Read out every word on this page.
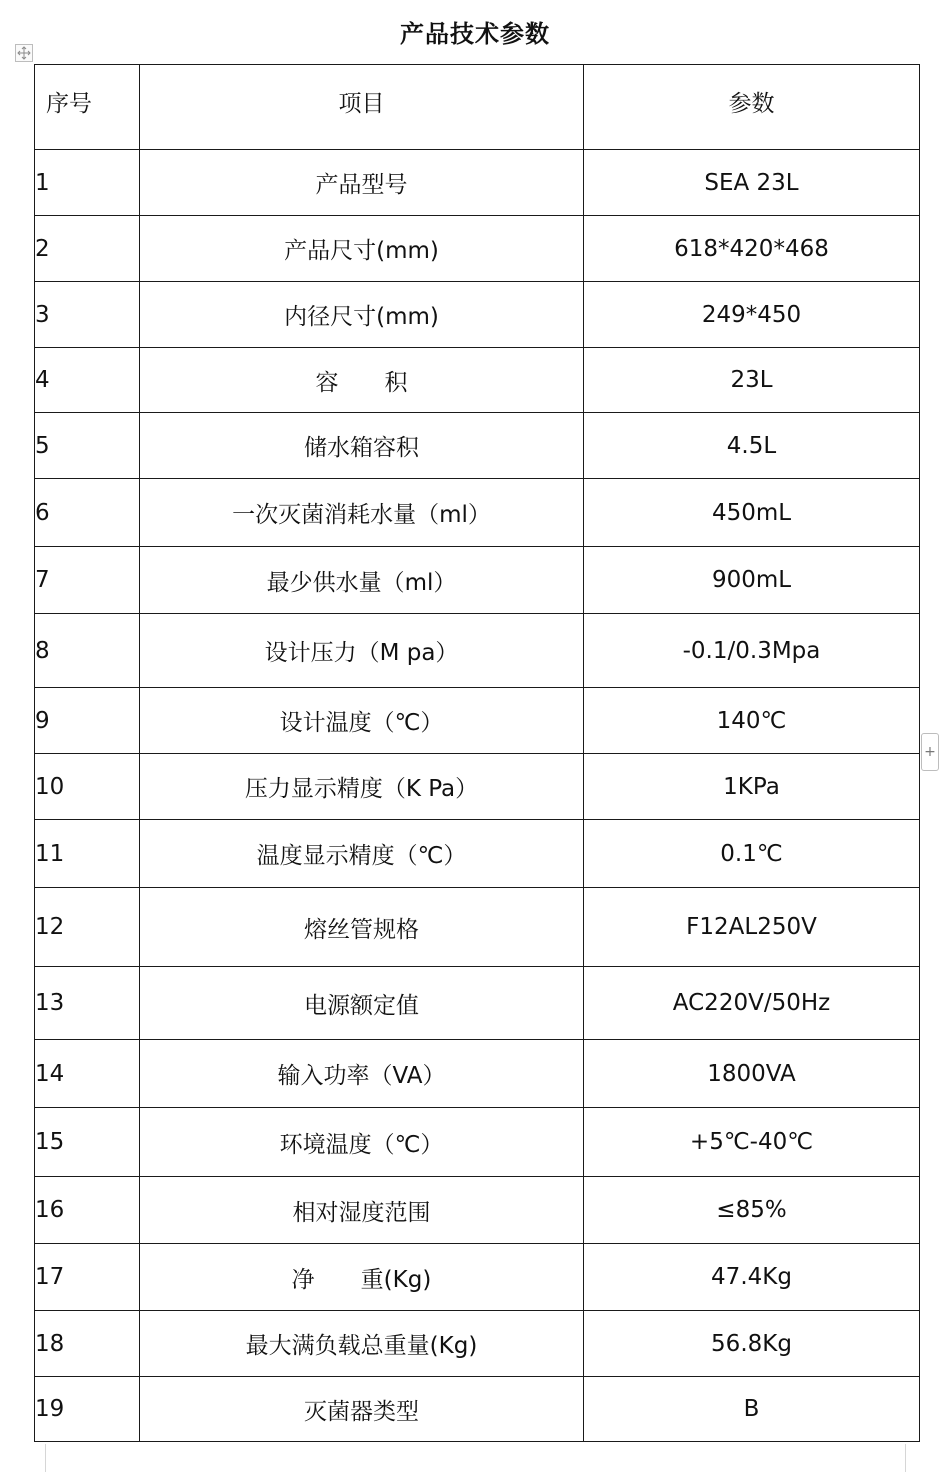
产品技术参数
+
序号	项目	参数
1	产品型号	SEA 23L
2	产品尺寸(mm)	618*420*468
3	内径尺寸(mm)	249*450
4	容　　积	23L
5	储水箱容积	4.5L
6	一次灭菌消耗水量（ml）	450mL
7	最少供水量（ml）	900mL
8	设计压力（M pa）	-0.1/0.3Mpa
9	设计温度（℃）	140℃
10	压力显示精度（K Pa）	1KPa
11	温度显示精度（℃）	0.1℃
12	熔丝管规格	F12AL250V
13	电源额定值	AC220V/50Hz
14	输入功率（VA）	1800VA
15	环境温度（℃）	+5℃-40℃
16	相对湿度范围	≤85%
17	净　　重(Kg)	47.4Kg
18	最大满负载总重量(Kg)	56.8Kg
19	灭菌器类型	B
